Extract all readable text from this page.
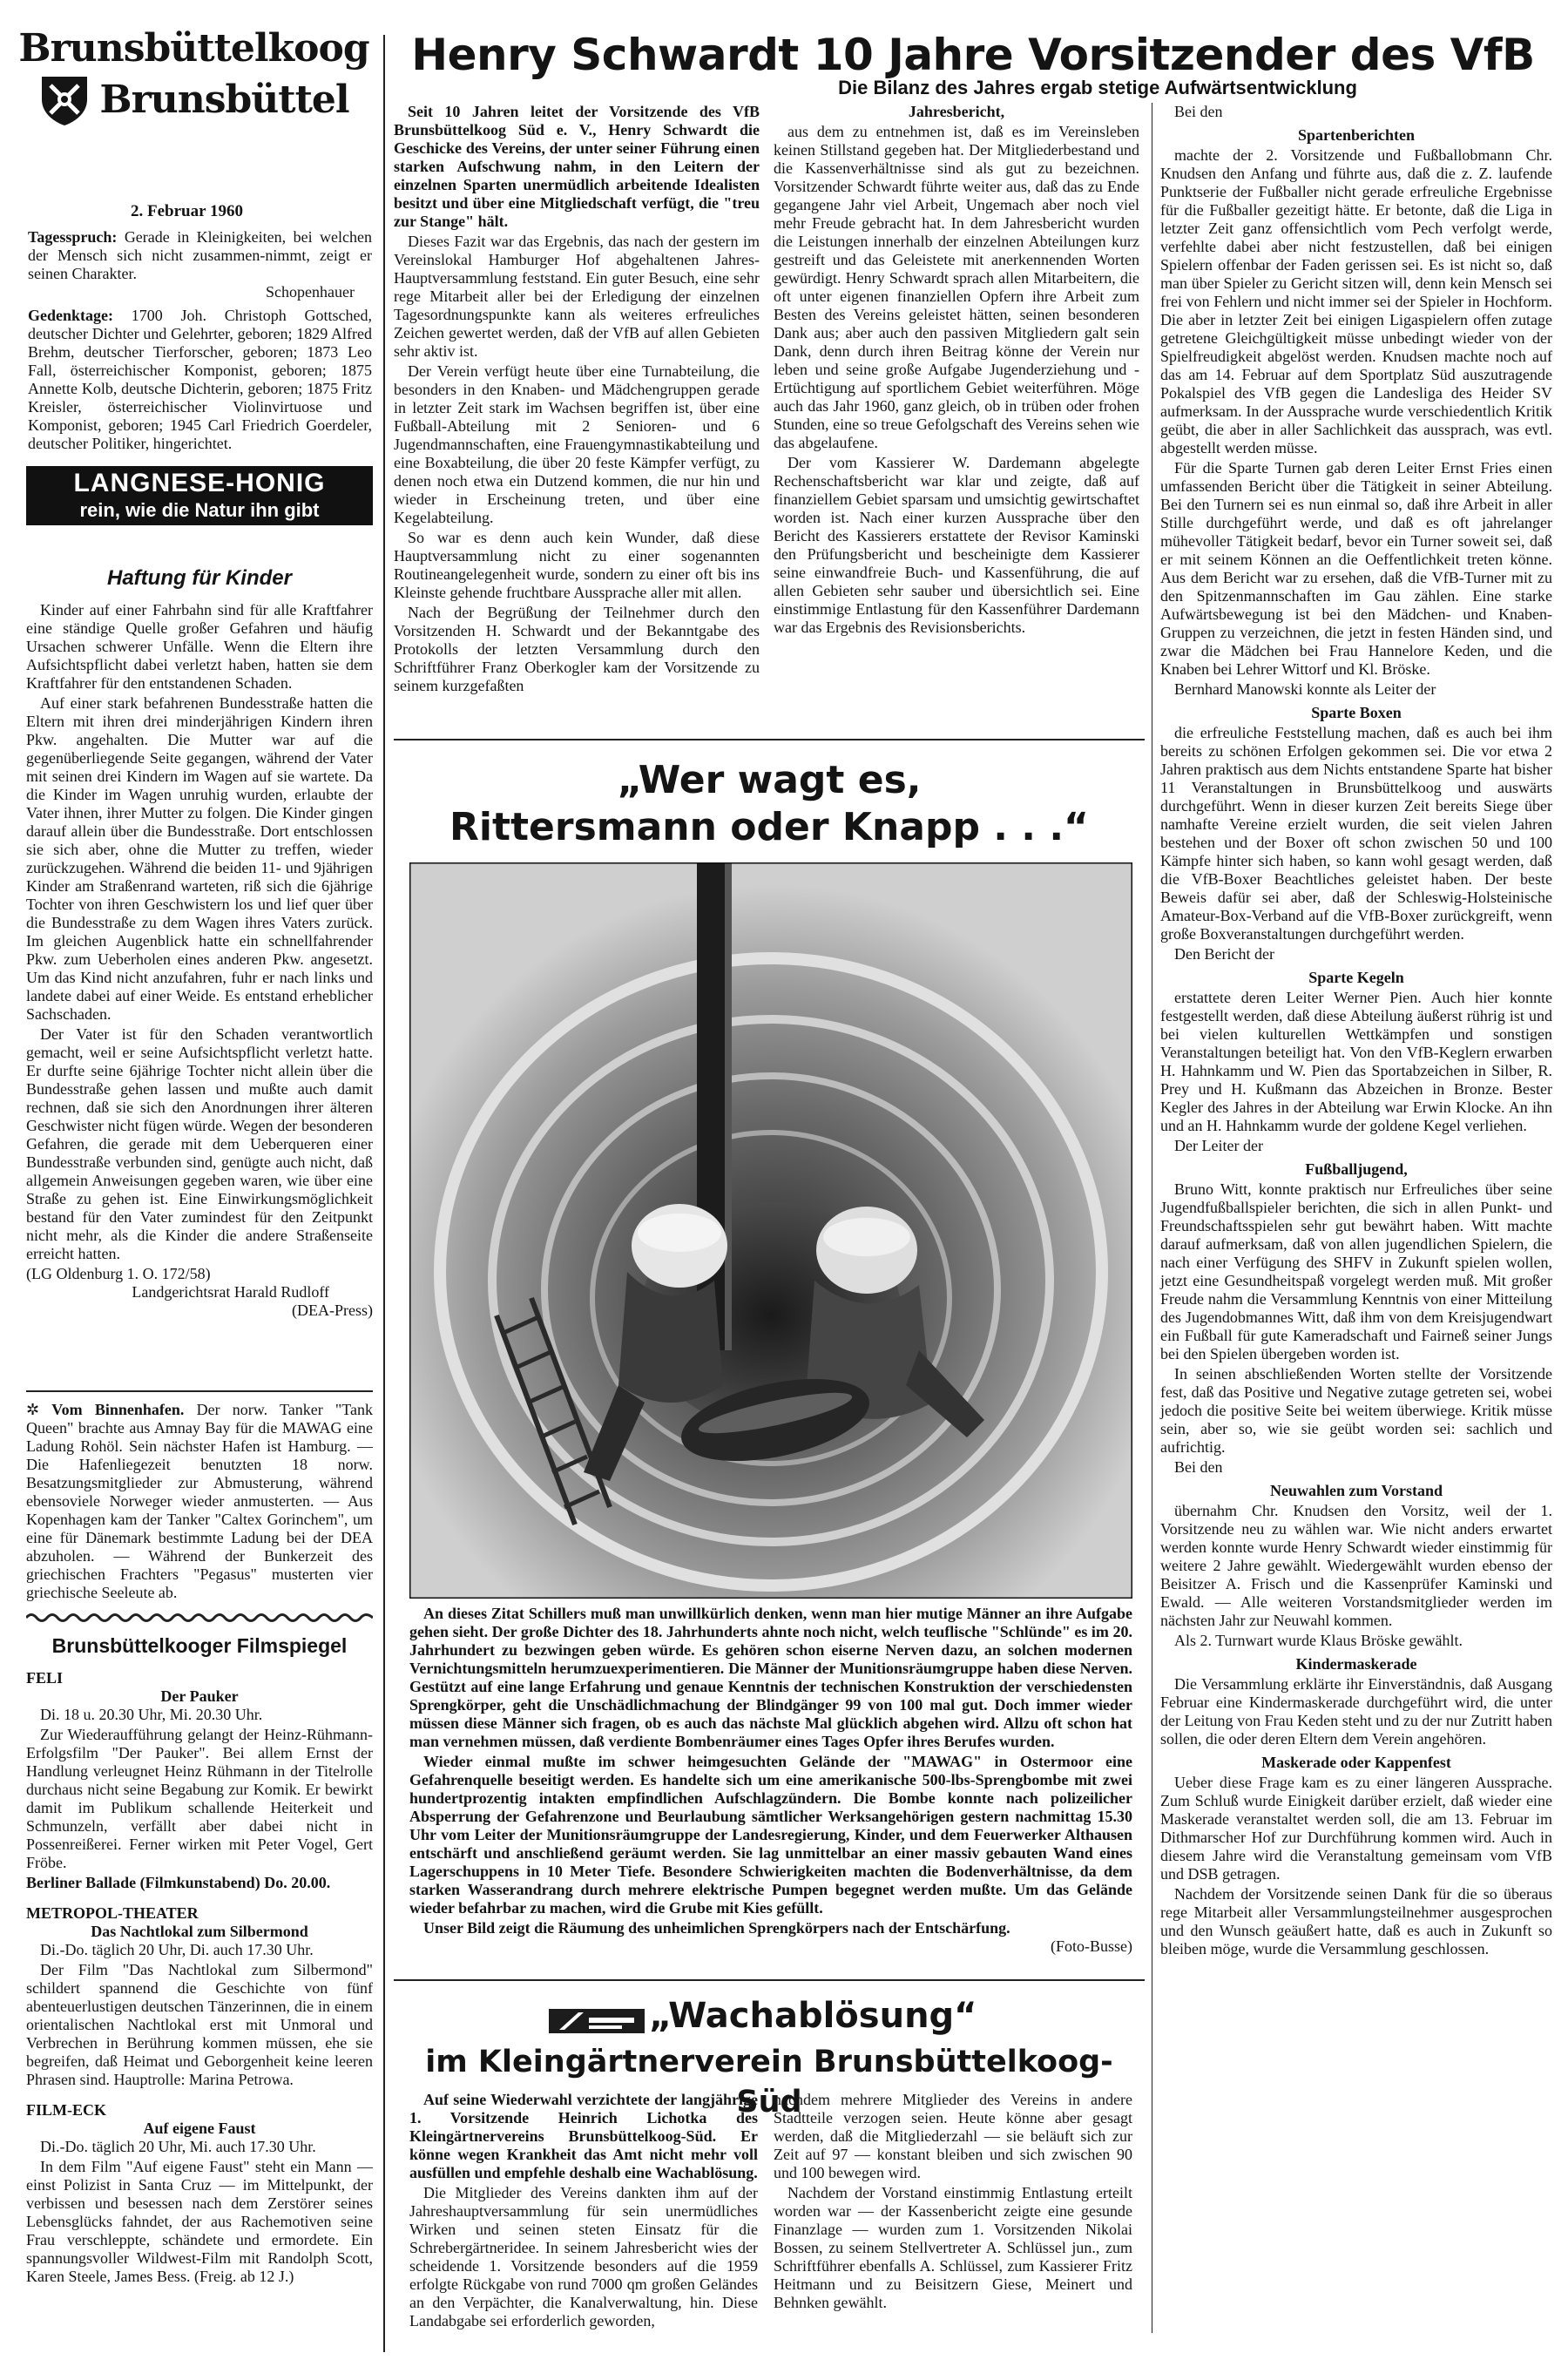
Brunsbüttelkoog
Brunsbüttel
2. Februar 1960
Tagesspruch: Gerade in Kleinigkeiten, bei welchen der Mensch sich nicht zusammen-nimmt, zeigt er seinen Charakter.
Schopenhauer
Gedenktage: 1700 Joh. Christoph Gottsched, deutscher Dichter und Gelehrter, geboren; 1829 Alfred Brehm, deutscher Tierforscher, geboren; 1873 Leo Fall, österreichischer Komponist, geboren; 1875 Annette Kolb, deutsche Dichterin, geboren; 1875 Fritz Kreisler, österreichischer Violinvirtuose und Komponist, geboren; 1945 Carl Friedrich Goerdeler, deutscher Politiker, hingerichtet.
LANGNESE-HONIG
rein, wie die Natur ihn gibt
Haftung für Kinder

Kinder auf einer Fahrbahn sind für alle Kraftfahrer eine ständige Quelle großer Gefahren und häufig Ursachen schwerer Unfälle. Wenn die Eltern ihre Aufsichtspflicht dabei verletzt haben, hatten sie dem Kraftfahrer für den entstandenen Schaden.

Auf einer stark befahrenen Bundesstraße hatten die Eltern mit ihren drei minderjährigen Kindern ihren Pkw. angehalten. Die Mutter war auf die gegenüberliegende Seite gegangen, während der Vater mit seinen drei Kindern im Wagen auf sie wartete. Da die Kinder im Wagen unruhig wurden, erlaubte der Vater ihnen, ihrer Mutter zu folgen. Die Kinder gingen darauf allein über die Bundesstraße. Dort entschlossen sie sich aber, ohne die Mutter zu treffen, wieder zurückzugehen. Während die beiden 11- und 9jährigen Kinder am Straßenrand warteten, riß sich die 6jährige Tochter von ihren Geschwistern los und lief quer über die Bundesstraße zu dem Wagen ihres Vaters zurück. Im gleichen Augenblick hatte ein schnellfahrender Pkw. zum Ueberholen eines anderen Pkw. angesetzt. Um das Kind nicht anzufahren, fuhr er nach links und landete dabei auf einer Weide. Es entstand erheblicher Sachschaden.

Der Vater ist für den Schaden verantwortlich gemacht, weil er seine Aufsichtspflicht verletzt hatte. Er durfte seine 6jährige Tochter nicht allein über die Bundesstraße gehen lassen und mußte auch damit rechnen, daß sie sich den Anordnungen ihrer älteren Geschwister nicht fügen würde. Wegen der besonderen Gefahren, die gerade mit dem Ueberqueren einer Bundesstraße verbunden sind, genügte auch nicht, daß allgemein Anweisungen gegeben waren, wie über eine Straße zu gehen ist. Eine Einwirkungsmöglichkeit bestand für den Vater zumindest für den Zeitpunkt nicht mehr, als die Kinder die andere Straßenseite erreicht hatten.

(LG Oldenburg 1. O. 172/58)
Landgerichtsrat Harald Rudloff
(DEA-Press)

✲ Vom Binnenhafen. Der norw. Tanker "Tank Queen" brachte aus Amnay Bay für die MAWAG eine Ladung Rohöl. Sein nächster Hafen ist Hamburg. — Die Hafenliegezeit benutzten 18 norw. Besatzungsmitglieder zur Abmusterung, während ebensoviele Norweger wieder anmusterten. — Aus Kopenhagen kam der Tanker "Caltex Gorinchem", um eine für Dänemark bestimmte Ladung bei der DEA abzuholen. — Während der Bunkerzeit des griechischen Frachters "Pegasus" musterten vier griechische Seeleute ab.

Brunsbüttelkooger Filmspiegel
FELI
Der Pauker

Di. 18 u. 20.30 Uhr, Mi. 20.30 Uhr.

Zur Wiederaufführung gelangt der Heinz-Rühmann-Erfolgsfilm "Der Pauker". Bei allem Ernst der Handlung verleugnet Heinz Rühmann in der Titelrolle durchaus nicht seine Begabung zur Komik. Er bewirkt damit im Publikum schallende Heiterkeit und Schmunzeln, verfällt aber dabei nicht in Possenreißerei. Ferner wirken mit Peter Vogel, Gert Fröbe.

Berliner Ballade (Filmkunstabend) Do. 20.00.
METROPOL-THEATER
Das Nachtlokal zum Silbermond

Di.-Do. täglich 20 Uhr, Di. auch 17.30 Uhr.

Der Film "Das Nachtlokal zum Silbermond" schildert spannend die Geschichte von fünf abenteuerlustigen deutschen Tänzerinnen, die in einem orientalischen Nachtlokal erst mit Unmoral und Verbrechen in Berührung kommen müssen, ehe sie begreifen, daß Heimat und Geborgenheit keine leeren Phrasen sind. Hauptrolle: Marina Petrowa.

FILM-ECK
Auf eigene Faust

Di.-Do. täglich 20 Uhr, Mi. auch 17.30 Uhr.

In dem Film "Auf eigene Faust" steht ein Mann — einst Polizist in Santa Cruz — im Mittelpunkt, der verbissen und besessen nach dem Zerstörer seines Lebensglücks fahndet, der aus Rachemotiven seine Frau verschleppte, schändete und ermordete. Ein spannungsvoller Wildwest-Film mit Randolph Scott, Karen Steele, James Bess. (Freig. ab 12 J.)

Henry Schwardt 10 Jahre Vorsitzender des VfB
Die Bilanz des Jahres ergab stetige Aufwärtsentwicklung

Seit 10 Jahren leitet der Vorsitzende des VfB Brunsbüttelkoog Süd e. V., Henry Schwardt die Geschicke des Vereins, der unter seiner Führung einen starken Aufschwung nahm, in den Leitern der einzelnen Sparten unermüdlich arbeitende Idealisten besitzt und über eine Mitgliedschaft verfügt, die "treu zur Stange" hält.

Dieses Fazit war das Ergebnis, das nach der gestern im Vereinslokal Hamburger Hof abgehaltenen Jahres-Hauptversammlung feststand. Ein guter Besuch, eine sehr rege Mitarbeit aller bei der Erledigung der einzelnen Tagesordnungspunkte kann als weiteres erfreuliches Zeichen gewertet werden, daß der VfB auf allen Gebieten sehr aktiv ist.

Der Verein verfügt heute über eine Turnabteilung, die besonders in den Knaben- und Mädchengruppen gerade in letzter Zeit stark im Wachsen begriffen ist, über eine Fußball-Abteilung mit 2 Senioren- und 6 Jugendmannschaften, eine Frauengymnastikabteilung und eine Boxabteilung, die über 20 feste Kämpfer verfügt, zu denen noch etwa ein Dutzend kommen, die nur hin und wieder in Erscheinung treten, und über eine Kegelabteilung.

So war es denn auch kein Wunder, daß diese Hauptversammlung nicht zu einer sogenannten Routineangelegenheit wurde, sondern zu einer oft bis ins Kleinste gehende fruchtbare Aussprache aller mit allen.

Nach der Begrüßung der Teilnehmer durch den Vorsitzenden H. Schwardt und der Bekanntgabe des Protokolls der letzten Versammlung durch den Schriftführer Franz Oberkogler kam der Vorsitzende zu seinem kurzgefaßten

Jahresbericht,

aus dem zu entnehmen ist, daß es im Vereinsleben keinen Stillstand gegeben hat. Der Mitgliederbestand und die Kassenverhältnisse sind als gut zu bezeichnen. Vorsitzender Schwardt führte weiter aus, daß das zu Ende gegangene Jahr viel Arbeit, Ungemach aber noch viel mehr Freude gebracht hat. In dem Jahresbericht wurden die Leistungen innerhalb der einzelnen Abteilungen kurz gestreift und das Geleistete mit anerkennenden Worten gewürdigt. Henry Schwardt sprach allen Mitarbeitern, die oft unter eigenen finanziellen Opfern ihre Arbeit zum Besten des Vereins geleistet hätten, seinen besonderen Dank aus; aber auch den passiven Mitgliedern galt sein Dank, denn durch ihren Beitrag könne der Verein nur leben und seine große Aufgabe Jugenderziehung und -Ertüchtigung auf sportlichem Gebiet weiterführen. Möge auch das Jahr 1960, ganz gleich, ob in trüben oder frohen Stunden, eine so treue Gefolgschaft des Vereins sehen wie das abgelaufene.

Der vom Kassierer W. Dardemann abgelegte Rechenschaftsbericht war klar und zeigte, daß auf finanziellem Gebiet sparsam und umsichtig gewirtschaftet worden ist. Nach einer kurzen Aussprache über den Bericht des Kassierers erstattete der Revisor Kaminski den Prüfungsbericht und bescheinigte dem Kassierer seine einwandfreie Buch- und Kassenführung, die auf allen Gebieten sehr sauber und übersichtlich sei. Eine einstimmige Entlastung für den Kassenführer Dardemann war das Ergebnis des Revisionsberichts.

Bei den

Spartenberichten

machte der 2. Vorsitzende und Fußballobmann Chr. Knudsen den Anfang und führte aus, daß die z. Z. laufende Punktserie der Fußballer nicht gerade erfreuliche Ergebnisse für die Fußballer gezeitigt hätte. Er betonte, daß die Liga in letzter Zeit ganz offensichtlich vom Pech verfolgt werde, verfehlte dabei aber nicht festzustellen, daß bei einigen Spielern offenbar der Faden gerissen sei. Es ist nicht so, daß man über Spieler zu Gericht sitzen will, denn kein Mensch sei frei von Fehlern und nicht immer sei der Spieler in Hochform. Die aber in letzter Zeit bei einigen Ligaspielern offen zutage getretene Gleichgültigkeit müsse unbedingt wieder von der Spielfreudigkeit abgelöst werden. Knudsen machte noch auf das am 14. Februar auf dem Sportplatz Süd auszutragende Pokalspiel des VfB gegen die Landesliga des Heider SV aufmerksam. In der Aussprache wurde verschiedentlich Kritik geübt, die aber in aller Sachlichkeit das aussprach, was evtl. abgestellt werden müsse.

Für die Sparte Turnen gab deren Leiter Ernst Fries einen umfassenden Bericht über die Tätigkeit in seiner Abteilung. Bei den Turnern sei es nun einmal so, daß ihre Arbeit in aller Stille durchgeführt werde, und daß es oft jahrelanger mühevoller Tätigkeit bedarf, bevor ein Turner soweit sei, daß er mit seinem Können an die Oeffentlichkeit treten könne. Aus dem Bericht war zu ersehen, daß die VfB-Turner mit zu den Spitzenmannschaften im Gau zählen. Eine starke Aufwärtsbewegung ist bei den Mädchen- und Knaben-Gruppen zu verzeichnen, die jetzt in festen Händen sind, und zwar die Mädchen bei Frau Hannelore Keden, und die Knaben bei Lehrer Wittorf und Kl. Bröske.

Bernhard Manowski konnte als Leiter der

Sparte Boxen

die erfreuliche Feststellung machen, daß es auch bei ihm bereits zu schönen Erfolgen gekommen sei. Die vor etwa 2 Jahren praktisch aus dem Nichts entstandene Sparte hat bisher 11 Veranstaltungen in Brunsbüttelkoog und auswärts durchgeführt. Wenn in dieser kurzen Zeit bereits Siege über namhafte Vereine erzielt wurden, die seit vielen Jahren bestehen und der Boxer oft schon zwischen 50 und 100 Kämpfe hinter sich haben, so kann wohl gesagt werden, daß die VfB-Boxer Beachtliches geleistet haben. Der beste Beweis dafür sei aber, daß der Schleswig-Holsteinische Amateur-Box-Verband auf die VfB-Boxer zurückgreift, wenn große Boxveranstaltungen durchgeführt werden.

Den Bericht der

Sparte Kegeln

erstattete deren Leiter Werner Pien. Auch hier konnte festgestellt werden, daß diese Abteilung äußerst rührig ist und bei vielen kulturellen Wettkämpfen und sonstigen Veranstaltungen beteiligt hat. Von den VfB-Keglern erwarben H. Hahnkamm und W. Pien das Sportabzeichen in Silber, R. Prey und H. Kußmann das Abzeichen in Bronze. Bester Kegler des Jahres in der Abteilung war Erwin Klocke. An ihn und an H. Hahnkamm wurde der goldene Kegel verliehen.

Der Leiter der

Fußballjugend,

Bruno Witt, konnte praktisch nur Erfreuliches über seine Jugendfußballspieler berichten, die sich in allen Punkt- und Freundschaftsspielen sehr gut bewährt haben. Witt machte darauf aufmerksam, daß von allen jugendlichen Spielern, die nach einer Verfügung des SHFV in Zukunft spielen wollen, jetzt eine Gesundheitspaß vorgelegt werden muß. Mit großer Freude nahm die Versammlung Kenntnis von einer Mitteilung des Jugendobmannes Witt, daß ihm von dem Kreisjugendwart ein Fußball für gute Kameradschaft und Fairneß seiner Jungs bei den Spielen übergeben worden ist.

In seinen abschließenden Worten stellte der Vorsitzende fest, daß das Positive und Negative zutage getreten sei, wobei jedoch die positive Seite bei weitem überwiege. Kritik müsse sein, aber so, wie sie geübt worden sei: sachlich und aufrichtig.

Bei den

Neuwahlen zum Vorstand

übernahm Chr. Knudsen den Vorsitz, weil der 1. Vorsitzende neu zu wählen war. Wie nicht anders erwartet werden konnte wurde Henry Schwardt wieder einstimmig für weitere 2 Jahre gewählt. Wiedergewählt wurden ebenso der Beisitzer A. Frisch und die Kassenprüfer Kaminski und Ewald. — Alle weiteren Vorstandsmitglieder werden im nächsten Jahr zur Neuwahl kommen.

Als 2. Turnwart wurde Klaus Bröske gewählt.

Kindermaskerade

Die Versammlung erklärte ihr Einverständnis, daß Ausgang Februar eine Kindermaskerade durchgeführt wird, die unter der Leitung von Frau Keden steht und zu der nur Zutritt haben sollen, die oder deren Eltern dem Verein angehören.

Maskerade oder Kappenfest

Ueber diese Frage kam es zu einer längeren Aussprache. Zum Schluß wurde Einigkeit darüber erzielt, daß wieder eine Maskerade veranstaltet werden soll, die am 13. Februar im Dithmarscher Hof zur Durchführung kommen wird. Auch in diesem Jahre wird die Veranstaltung gemeinsam vom VfB und DSB getragen.

Nachdem der Vorsitzende seinen Dank für die so überaus rege Mitarbeit aller Versammlungsteilnehmer ausgesprochen und den Wunsch geäußert hatte, daß es auch in Zukunft so bleiben möge, wurde die Versammlung geschlossen.

„Wer wagt es,
Rittersmann oder Knapp . . .“

An dieses Zitat Schillers muß man unwillkürlich denken, wenn man hier mutige Männer an ihre Aufgabe gehen sieht. Der große Dichter des 18. Jahrhunderts ahnte noch nicht, welch teuflische "Schlünde" es im 20. Jahrhundert zu bezwingen geben würde. Es gehören schon eiserne Nerven dazu, an solchen modernen Vernichtungsmitteln herumzuexperimentieren. Die Männer der Munitionsräumgruppe haben diese Nerven. Gestützt auf eine lange Erfahrung und genaue Kenntnis der technischen Konstruktion der verschiedensten Sprengkörper, geht die Unschädlichmachung der Blindgänger 99 von 100 mal gut. Doch immer wieder müssen diese Männer sich fragen, ob es auch das nächste Mal glücklich abgehen wird. Allzu oft schon hat man vernehmen müssen, daß verdiente Bombenräumer eines Tages Opfer ihres Berufes wurden.

Wieder einmal mußte im schwer heimgesuchten Gelände der "MAWAG" in Ostermoor eine Gefahrenquelle beseitigt werden. Es handelte sich um eine amerikanische 500-lbs-Sprengbombe mit zwei hundertprozentig intakten empfindlichen Aufschlagzündern. Die Bombe konnte nach polizeilicher Absperrung der Gefahrenzone und Beurlaubung sämtlicher Werksangehörigen gestern nachmittag 15.30 Uhr vom Leiter der Munitionsräumgruppe der Landesregierung, Kinder, und dem Feuerwerker Althausen entschärft und anschließend geräumt werden. Sie lag unmittelbar an einer massiv gebauten Wand eines Lagerschuppens in 10 Meter Tiefe. Besondere Schwierigkeiten machten die Bodenverhältnisse, da dem starken Wasserandrang durch mehrere elektrische Pumpen begegnet werden mußte. Um das Gelände wieder befahrbar zu machen, wird die Grube mit Kies gefüllt.

Unser Bild zeigt die Räumung des unheimlichen Sprengkörpers nach der Entschärfung.

(Foto-Busse)
„Wachablösung“
im Kleingärtnerverein Brunsbüttelkoog-Süd

Auf seine Wiederwahl verzichtete der langjährige 1. Vorsitzende Heinrich Lichotka des Kleingärtnervereins Brunsbüttelkoog-Süd. Er könne wegen Krankheit das Amt nicht mehr voll ausfüllen und empfehle deshalb eine Wachablösung.

Die Mitglieder des Vereins dankten ihm auf der Jahreshauptversammlung für sein unermüdliches Wirken und seinen steten Einsatz für die Schrebergärtneridee. In seinem Jahresbericht wies der scheidende 1. Vorsitzende besonders auf die 1959 erfolgte Rückgabe von rund 7000 qm großen Geländes an den Verpächter, die Kanalverwaltung, hin. Diese Landabgabe sei erforderlich geworden,

nachdem mehrere Mitglieder des Vereins in andere Stadtteile verzogen seien. Heute könne aber gesagt werden, daß die Mitgliederzahl — sie beläuft sich zur Zeit auf 97 — konstant bleiben und sich zwischen 90 und 100 bewegen wird.

Nachdem der Vorstand einstimmig Entlastung erteilt worden war — der Kassenbericht zeigte eine gesunde Finanzlage — wurden zum 1. Vorsitzenden Nikolai Bossen, zu seinem Stellvertreter A. Schlüssel jun., zum Schriftführer ebenfalls A. Schlüssel, zum Kassierer Fritz Heitmann und zu Beisitzern Giese, Meinert und Behnken gewählt.
